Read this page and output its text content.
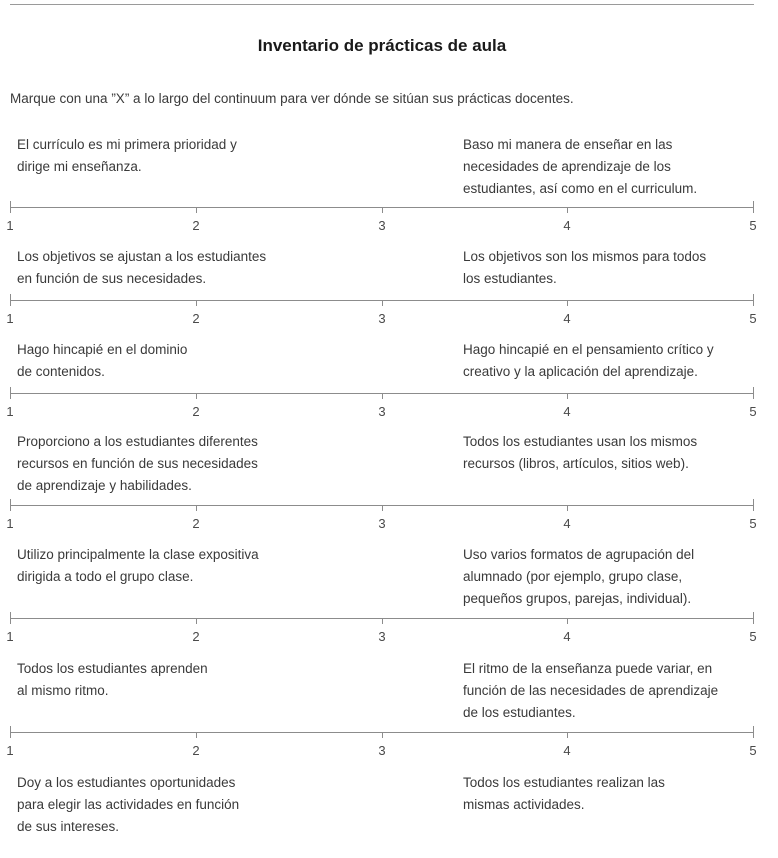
Inventario de prácticas de aula
Marque con una ”X” a lo largo del continuum para ver dónde se sitúan sus prácticas docentes.
El currículo es mi primera prioridad y
dirige mi enseñanza.
Baso mi manera de enseñar en las
necesidades de aprendizaje de los
estudiantes, así como en el curriculum.
1	2	3	4	5
Los objetivos se ajustan a los estudiantes
en función de sus necesidades.
Los objetivos son los mismos para todos
los estudiantes.
1	2	3	4	5
Hago hincapié en el dominio
de contenidos.
Hago hincapié en el pensamiento crítico y
creativo y la aplicación del aprendizaje.
1	2	3	4	5
Proporciono a los estudiantes diferentes
recursos en función de sus necesidades
de aprendizaje y habilidades.
Todos los estudiantes usan los mismos
recursos (libros, artículos, sitios web).
1	2	3	4	5
Utilizo principalmente la clase expositiva
dirigida a todo el grupo clase.
Uso varios formatos de agrupación del
alumnado (por ejemplo, grupo clase,
pequeños grupos, parejas, individual).
1	2	3	4	5
Todos los estudiantes aprenden
al mismo ritmo.
El ritmo de la enseñanza puede variar, en
función de las necesidades de aprendizaje
de los estudiantes.
1	2	3	4	5
Doy a los estudiantes oportunidades
para elegir las actividades en función
de sus intereses.
Todos los estudiantes realizan las
mismas actividades.
